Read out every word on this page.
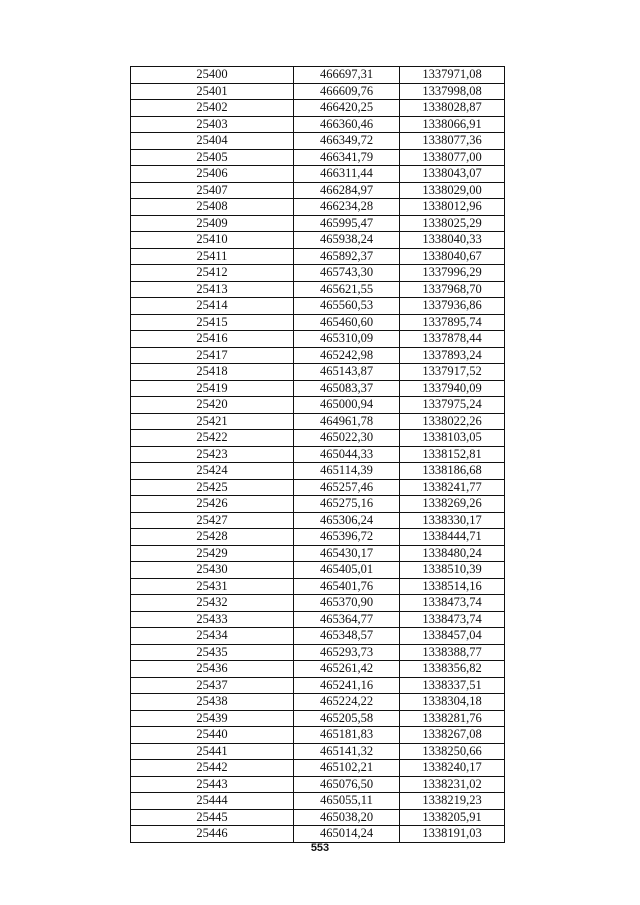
25400	466697,31	1337971,08
25401	466609,76	1337998,08
25402	466420,25	1338028,87
25403	466360,46	1338066,91
25404	466349,72	1338077,36
25405	466341,79	1338077,00
25406	466311,44	1338043,07
25407	466284,97	1338029,00
25408	466234,28	1338012,96
25409	465995,47	1338025,29
25410	465938,24	1338040,33
25411	465892,37	1338040,67
25412	465743,30	1337996,29
25413	465621,55	1337968,70
25414	465560,53	1337936,86
25415	465460,60	1337895,74
25416	465310,09	1337878,44
25417	465242,98	1337893,24
25418	465143,87	1337917,52
25419	465083,37	1337940,09
25420	465000,94	1337975,24
25421	464961,78	1338022,26
25422	465022,30	1338103,05
25423	465044,33	1338152,81
25424	465114,39	1338186,68
25425	465257,46	1338241,77
25426	465275,16	1338269,26
25427	465306,24	1338330,17
25428	465396,72	1338444,71
25429	465430,17	1338480,24
25430	465405,01	1338510,39
25431	465401,76	1338514,16
25432	465370,90	1338473,74
25433	465364,77	1338473,74
25434	465348,57	1338457,04
25435	465293,73	1338388,77
25436	465261,42	1338356,82
25437	465241,16	1338337,51
25438	465224,22	1338304,18
25439	465205,58	1338281,76
25440	465181,83	1338267,08
25441	465141,32	1338250,66
25442	465102,21	1338240,17
25443	465076,50	1338231,02
25444	465055,11	1338219,23
25445	465038,20	1338205,91
25446	465014,24	1338191,03
553
